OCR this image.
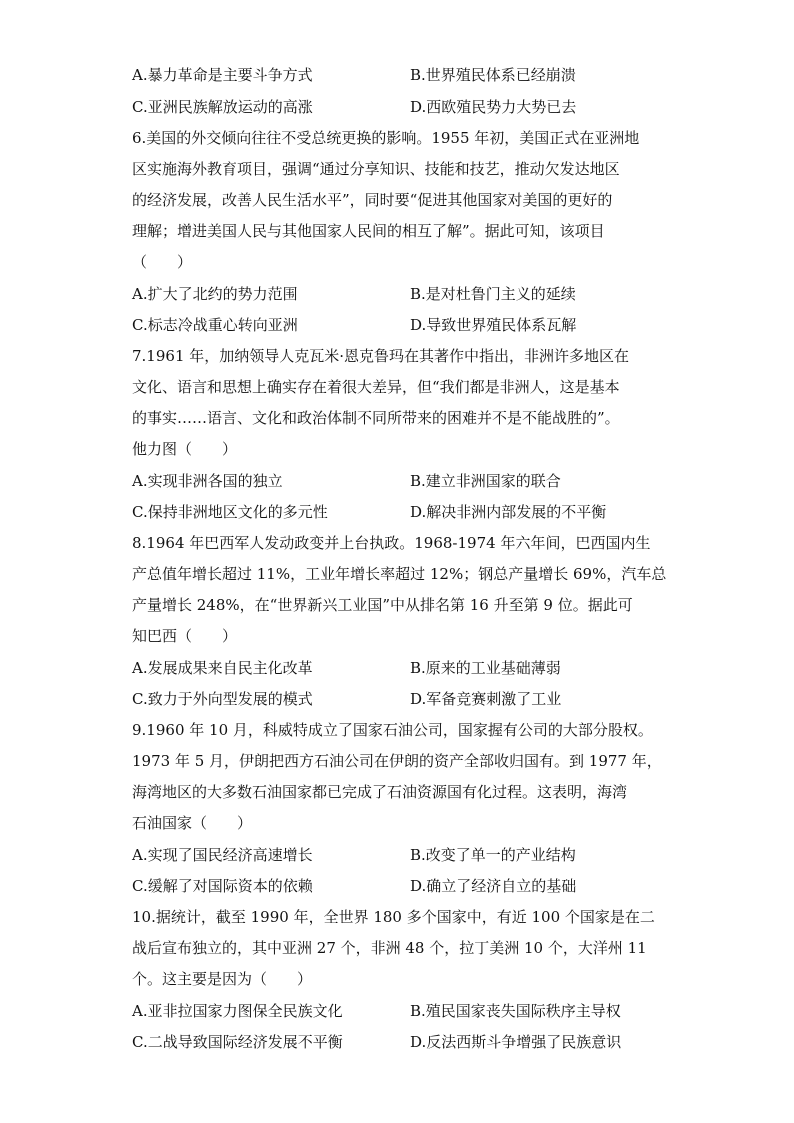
A.暴力革命是主要斗争方式	B.世界殖民体系已经崩溃
C.亚洲民族解放运动的高涨	D.西欧殖民势力大势已去
6.美国的外交倾向往往不受总统更换的影响。1955 年初，美国正式在亚洲地
区实施海外教育项目，强调“通过分享知识、技能和技艺，推动欠发达地区
的经济发展，改善人民生活水平”，同时要“促进其他国家对美国的更好的
理解；增进美国人民与其他国家人民间的相互了解”。据此可知，该项目
（　　）
A.扩大了北约的势力范围	B.是对杜鲁门主义的延续
C.标志冷战重心转向亚洲	D.导致世界殖民体系瓦解
7.1961 年，加纳领导人克瓦米·恩克鲁玛在其著作中指出，非洲许多地区在
文化、语言和思想上确实存在着很大差异，但“我们都是非洲人，这是基本
的事实……语言、文化和政治体制不同所带来的困难并不是不能战胜的”。
他力图（　　）
A.实现非洲各国的独立	B.建立非洲国家的联合
C.保持非洲地区文化的多元性	D.解决非洲内部发展的不平衡
8.1964 年巴西军人发动政变并上台执政。1968-1974 年六年间，巴西国内生
产总值年增长超过 11%，工业年增长率超过 12%；钢总产量增长 69%，汽车总
产量增长 248%，在“世界新兴工业国”中从排名第 16 升至第 9 位。据此可
知巴西（　　）
A.发展成果来自民主化改革	B.原来的工业基础薄弱
C.致力于外向型发展的模式	D.军备竞赛刺激了工业
9.1960 年 10 月，科威特成立了国家石油公司，国家握有公司的大部分股权。
1973 年 5 月，伊朗把西方石油公司在伊朗的资产全部收归国有。到 1977 年，
海湾地区的大多数石油国家都已完成了石油资源国有化过程。这表明，海湾
石油国家（　　）
A.实现了国民经济高速增长	B.改变了单一的产业结构
C.缓解了对国际资本的依赖	D.确立了经济自立的基础
10.据统计，截至 1990 年，全世界 180 多个国家中，有近 100 个国家是在二
战后宣布独立的，其中亚洲 27 个，非洲 48 个，拉丁美洲 10 个，大洋州 11
个。这主要是因为（　　）
A.亚非拉国家力图保全民族文化	B.殖民国家丧失国际秩序主导权
C.二战导致国际经济发展不平衡	D.反法西斯斗争增强了民族意识
